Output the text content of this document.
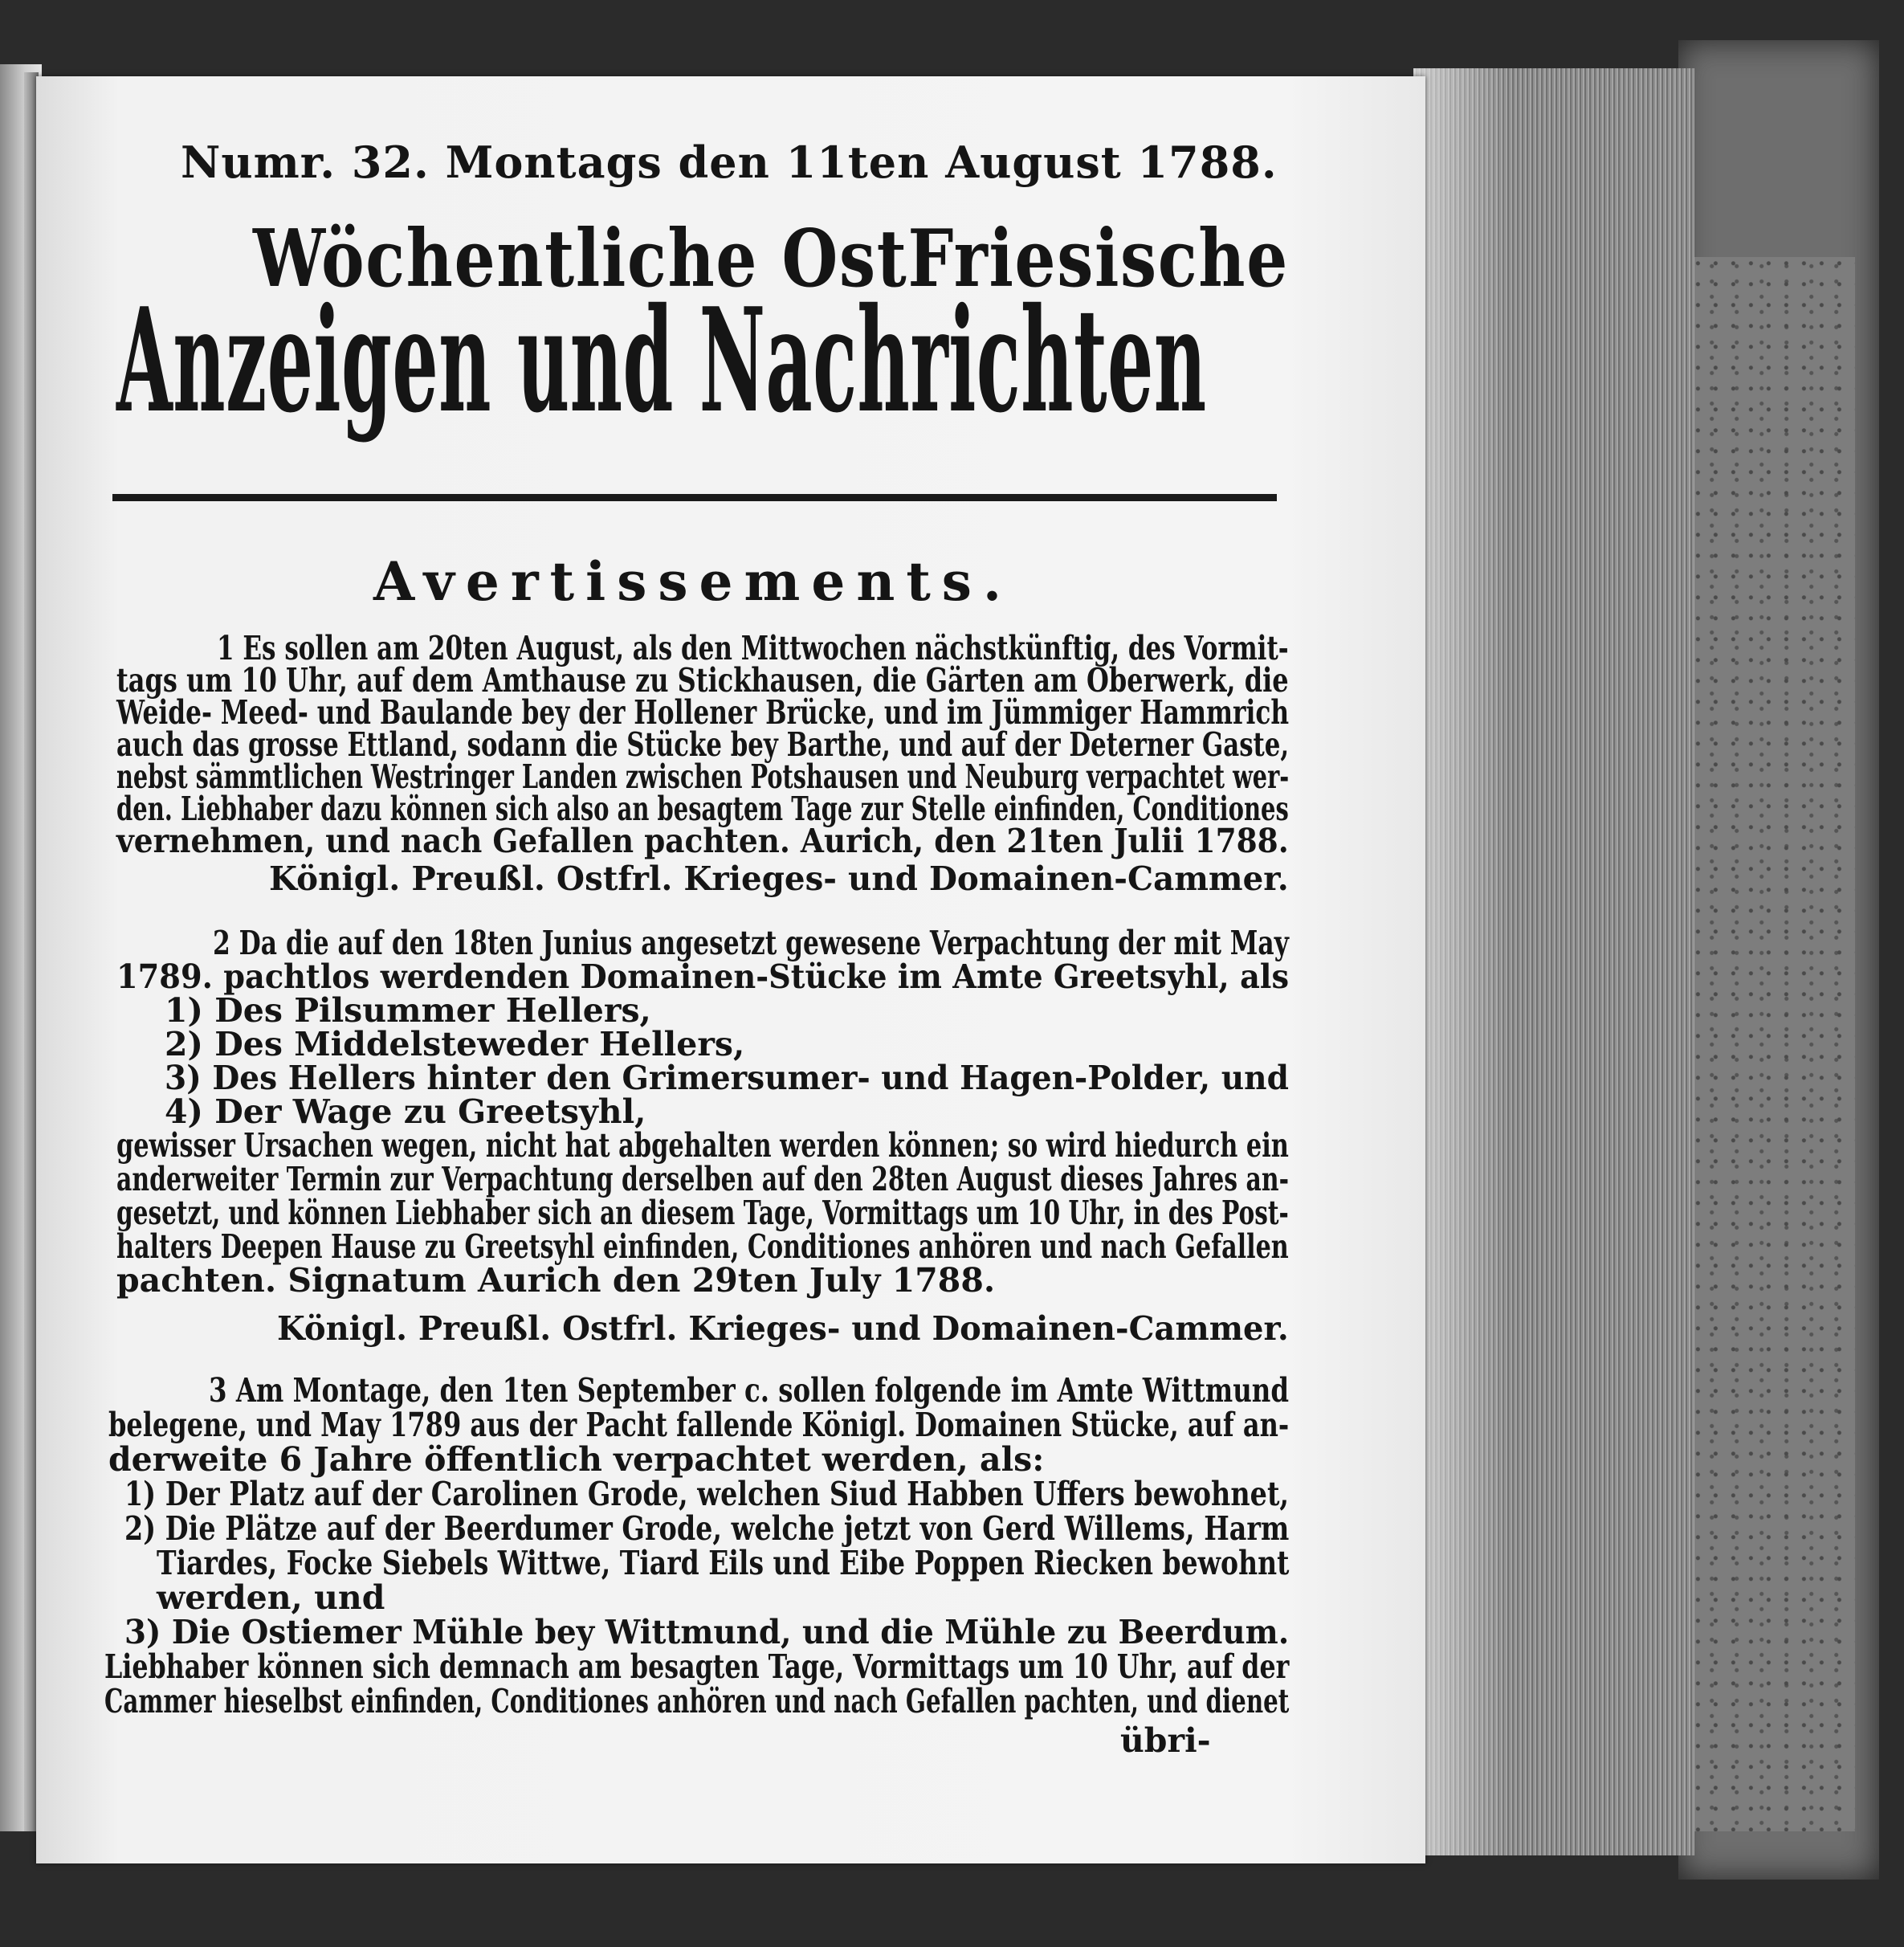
Numr. 32. Montags den 11ten August 1788.
Wöchentliche OstFriesische
Anzeigen und Nachrichten
Avertissements.
1 Es sollen am 20ten August, als den Mittwochen nächstkünftig, des Vormit-
tags um 10 Uhr, auf dem Amthause zu Stickhausen, die Gärten am Oberwerk, die
Weide- Meed- und Baulande bey der Hollener Brücke, und im Jümmiger Hammrich
auch das grosse Ettland, sodann die Stücke bey Barthe, und auf der Deterner Gaste,
nebst sämmtlichen Westringer Landen zwischen Potshausen und Neuburg verpachtet wer-
den. Liebhaber dazu können sich also an besagtem Tage zur Stelle einfinden, Conditiones
vernehmen, und nach Gefallen pachten. Aurich, den 21ten Julii 1788.
Königl. Preußl. Ostfrl. Krieges- und Domainen-Cammer.
2 Da die auf den 18ten Junius angesetzt gewesene Verpachtung der mit May
1789. pachtlos werdenden Domainen-Stücke im Amte Greetsyhl, als
1) Des Pilsummer Hellers,
2) Des Middelsteweder Hellers,
3) Des Hellers hinter den Grimersumer- und Hagen-Polder, und
4) Der Wage zu Greetsyhl,
gewisser Ursachen wegen, nicht hat abgehalten werden können; so wird hiedurch ein
anderweiter Termin zur Verpachtung derselben auf den 28ten August dieses Jahres an-
gesetzt, und können Liebhaber sich an diesem Tage, Vormittags um 10 Uhr, in des Post-
halters Deepen Hause zu Greetsyhl einfinden, Conditiones anhören und nach Gefallen
pachten. Signatum Aurich den 29ten July 1788.
Königl. Preußl. Ostfrl. Krieges- und Domainen-Cammer.
3 Am Montage, den 1ten September c. sollen folgende im Amte Wittmund
belegene, und May 1789 aus der Pacht fallende Königl. Domainen Stücke, auf an-
derweite 6 Jahre öffentlich verpachtet werden, als:
1) Der Platz auf der Carolinen Grode, welchen Siud Habben Uffers bewohnet,
2) Die Plätze auf der Beerdumer Grode, welche jetzt von Gerd Willems, Harm
Tiardes, Focke Siebels Wittwe, Tiard Eils und Eibe Poppen Riecken bewohnt
werden, und
3) Die Ostiemer Mühle bey Wittmund, und die Mühle zu Beerdum.
Liebhaber können sich demnach am besagten Tage, Vormittags um 10 Uhr, auf der
Cammer hieselbst einfinden, Conditiones anhören und nach Gefallen pachten, und dienet
übri-
